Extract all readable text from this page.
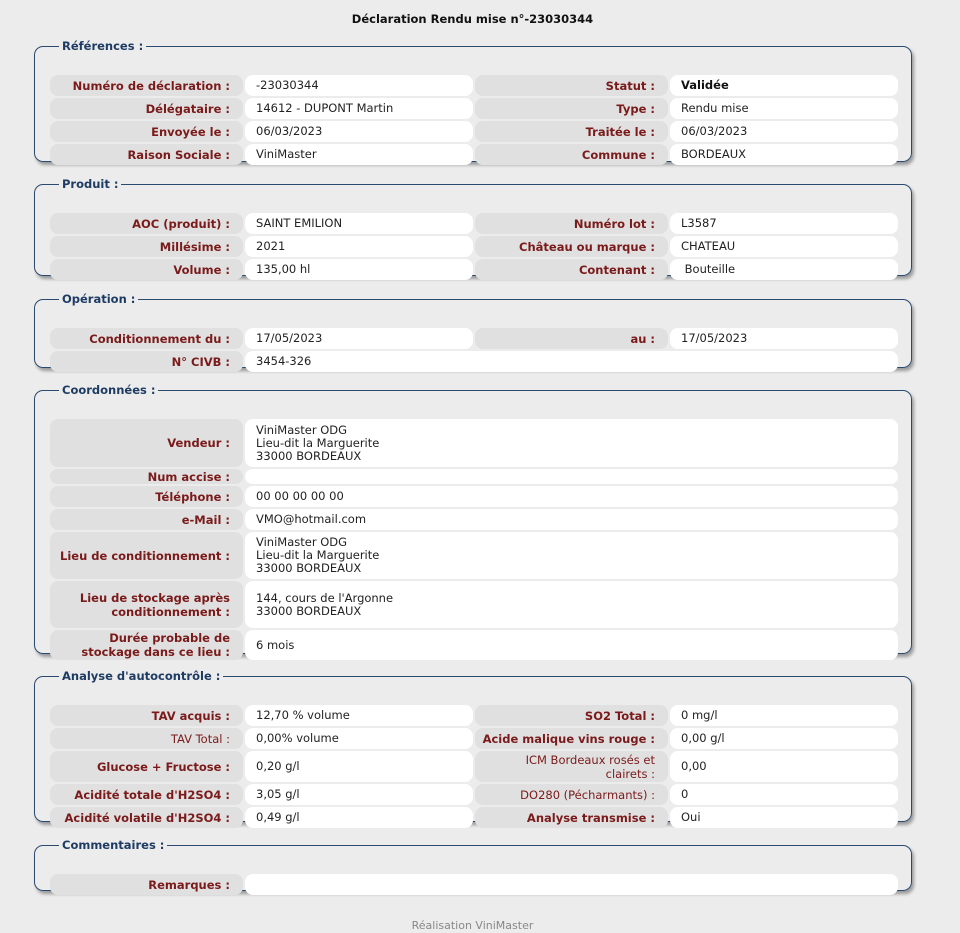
Déclaration Rendu mise n°-23030344
Références :
Numéro de déclaration :	-23030344	Statut :	Validée
Délégataire :	14612 - DUPONT Martin	Type :	Rendu mise
Envoyée le :	06/03/2023	Traitée le :	06/03/2023
Raison Sociale :	ViniMaster	Commune :	BORDEAUX
Produit :
AOC (produit) :	SAINT EMILION	Numéro lot :	L3587
Millésime :	2021	Château ou marque :	CHATEAU
Volume :	135,00 hl	Contenant :	Bouteille
Opération :
Conditionnement du :	17/05/2023	au :	17/05/2023
N° CIVB :	3454-326
Coordonnées :
Vendeur :
ViniMaster ODG
Lieu-dit la Marguerite
33000 BORDEAUX
Num accise :
Téléphone :	00 00 00 00 00
e-Mail :	VMO@hotmail.com
Lieu de conditionnement :
ViniMaster ODG
Lieu-dit la Marguerite
33000 BORDEAUX
Lieu de stockage après
conditionnement :
144, cours de l'Argonne
33000 BORDEAUX
Durée probable de
stockage dans ce lieu :
6 mois
Analyse d'autocontrôle :
TAV acquis :	12,70 % volume	SO2 Total :	0 mg/l
TAV Total :	0,00% volume	Acide malique vins rouge :	0,00 g/l
Glucose + Fructose :	0,20 g/l	ICM Bordeaux rosés et
clairets :
0,00
Acidité totale d'H2SO4 :	3,05 g/l	DO280 (Pécharmants) :	0
Acidité volatile d'H2SO4 :	0,49 g/l	Analyse transmise :	Oui
Commentaires :
Remarques :
Réalisation ViniMaster
